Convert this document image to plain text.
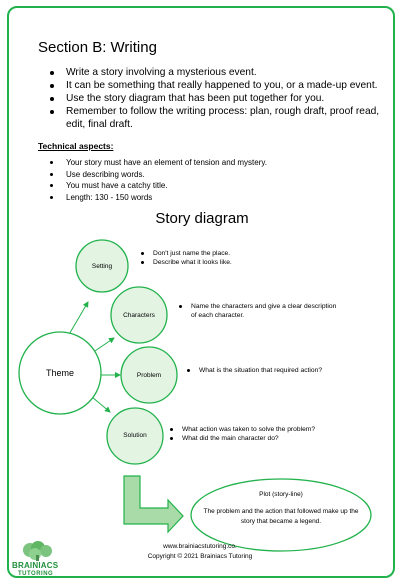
Section B: Writing
Write a story involving a mysterious event.
It can be something that really happened to you, or a made-up event.
Use the story diagram that has been put together for you.
Remember to follow the writing process: plan, rough draft, proof read, edit, final draft.
Technical aspects:
Your story must have an element of tension and mystery.
Use describing words.
You must have a catchy title.
Length: 130 - 150 words
Story diagram
Theme
Setting
Characters
Problem
Solution
Don't just name the place.
Describe what it looks like.
Name the characters and give a clear description of each character.
What is the situation that required action?
What action was taken to solve the problem?
What did the main character do?
Plot (story-line)
The problem and the action that followed make up the story that became a legend.
www.brainiacstutoring.co.
Copyright © 2021 Brainiacs Tutoring
BRAINIACS
TUTORING
